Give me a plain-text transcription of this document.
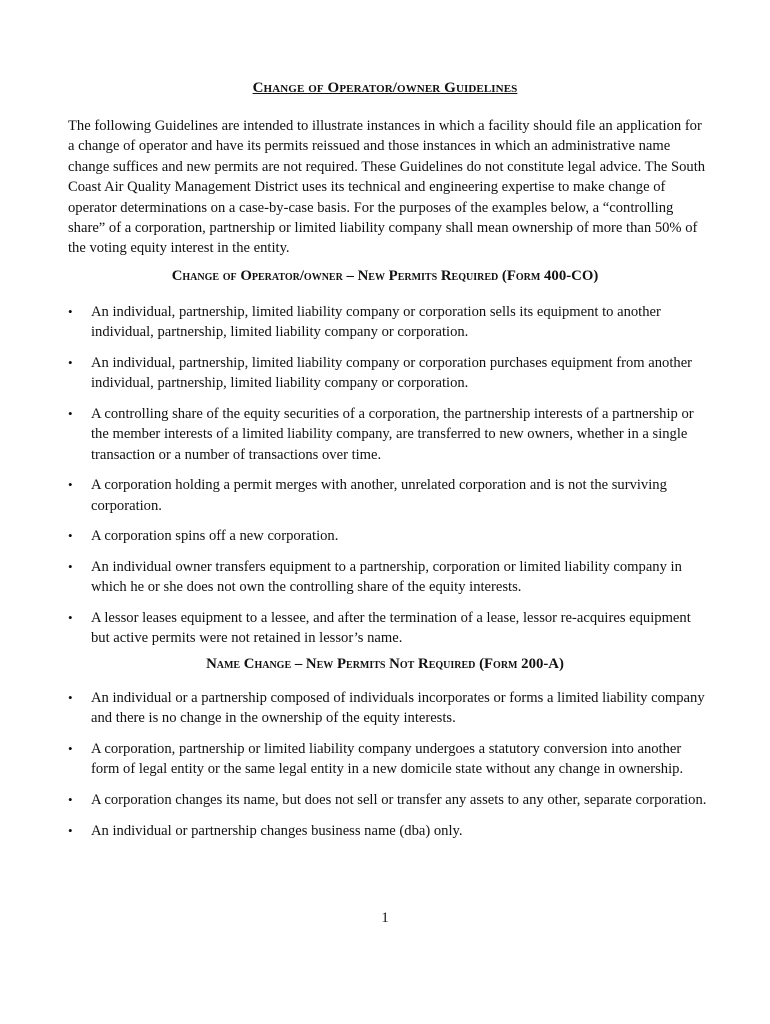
Change of Operator/owner Guidelines

The following Guidelines are intended to illustrate instances in which a facility should file an application for a change of operator and have its permits reissued and those instances in which an administrative name change suffices and new permits are not required. These Guidelines do not constitute legal advice. The South Coast Air Quality Management District uses its technical and engineering expertise to make change of operator determinations on a case-by-case basis. For the purposes of the examples below, a “controlling share” of a corporation, partnership or limited liability company shall mean ownership of more than 50% of the voting equity interest in the entity.

Change of Operator/owner – New Permits Required (Form 400-CO)
• An individual, partnership, limited liability company or corporation sells its equipment to another individual, partnership, limited liability company or corporation.
• An individual, partnership, limited liability company or corporation purchases equipment from another individual, partnership, limited liability company or corporation.
• A controlling share of the equity securities of a corporation, the partnership interests of a partnership or the member interests of a limited liability company, are transferred to new owners, whether in a single transaction or a number of transactions over time.
• A corporation holding a permit merges with another, unrelated corporation and is not the surviving corporation.
• A corporation spins off a new corporation.
• An individual owner transfers equipment to a partnership, corporation or limited liability company in which he or she does not own the controlling share of the equity interests.
• A lessor leases equipment to a lessee, and after the termination of a lease, lessor re-acquires equipment but active permits were not retained in lessor’s name.
Name Change – New Permits Not Required (Form 200-A)
• An individual or a partnership composed of individuals incorporates or forms a limited liability company and there is no change in the ownership of the equity interests.
• A corporation, partnership or limited liability company undergoes a statutory conversion into another form of legal entity or the same legal entity in a new domicile state without any change in ownership.
• A corporation changes its name, but does not sell or transfer any assets to any other, separate corporation.
• An individual or partnership changes business name (dba) only.
1
